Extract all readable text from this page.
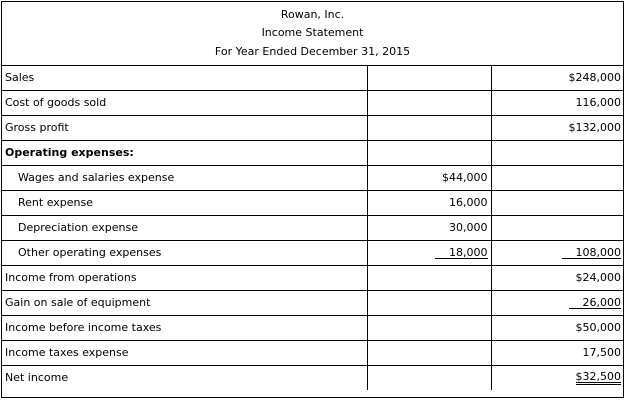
Rowan, Inc.
Income Statement
For Year Ended December 31, 2015
Sales		$248,000
Cost of goods sold		116,000
Gross profit		$132,000
Operating expenses:		
Wages and salaries expense	$44,000	
Rent expense	16,000	
Depreciation expense	30,000	
Other operating expenses	18,000	108,000
Income from operations		$24,000
Gain on sale of equipment		26,000
Income before income taxes		$50,000
Income taxes expense		17,500
Net income		$32,500
